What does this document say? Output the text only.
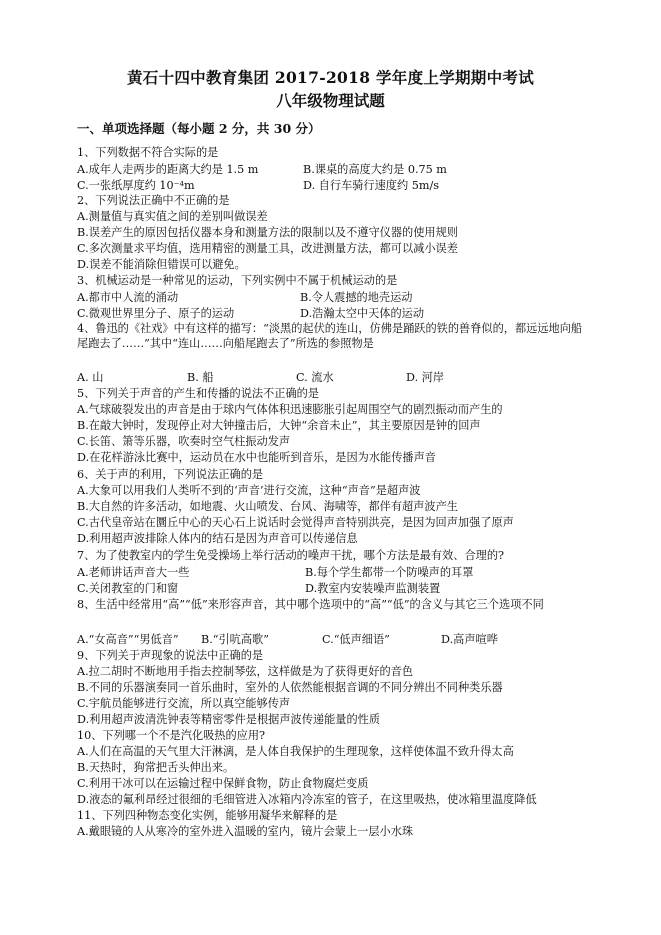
黄石十四中教育集团 2017-2018 学年度上学期期中考试
八年级物理试题
一、单项选择题（每小题 2 分，共 30 分）
1、下列数据不符合实际的是
A.成年人走两步的距离大约是 1.5 m	B.课桌的高度大约是 0.75 m
C.一张纸厚度约 10⁻⁴m	D. 自行车骑行速度约 5m/s
2、下列说法正确中不正确的是
A.测量值与真实值之间的差别叫做误差
B.误差产生的原因包括仪器本身和测量方法的限制以及不遵守仪器的使用规则
C.多次测量求平均值，选用精密的测量工具，改进测量方法，都可以减小误差
D.误差不能消除但错误可以避免。
3、机械运动是一种常见的运动，下列实例中不属于机械运动的是
A.都市中人流的涌动	B.令人震撼的地壳运动
C.微观世界里分子、原子的运动	D.浩瀚太空中天体的运动
4、鲁迅的《社戏》中有这样的描写：“淡黑的起伏的连山，仿佛是踊跃的铁的兽脊似的，都远远地向船尾跑去了……”其中“连山……向船尾跑去了”所选的参照物是
A. 山	B. 船	C. 流水	D. 河岸
5、下列关于声音的产生和传播的说法不正确的是
A.气球破裂发出的声音是由于球内气体体积迅速膨胀引起周围空气的剧烈振动而产生的
B.在敲大钟时，发现停止对大钟撞击后，大钟“余音未止”，其主要原因是钟的回声
C.长笛、箫等乐器，吹奏时空气柱振动发声
D.在花样游泳比赛中，运动员在水中也能听到音乐，是因为水能传播声音
6、关于声的利用，下列说法正确的是
A.大象可以用我们人类听不到的‘声音’进行交流，这种“声音”是超声波
B.大自然的许多活动，如地震、火山喷发、台风、海啸等，都伴有超声波产生
C.古代皇帝站在圜丘中心的天心石上说话时会觉得声音特别洪亮，是因为回声加强了原声
D.利用超声波排除人体内的结石是因为声音可以传递信息
7、为了使教室内的学生免受操场上举行活动的噪声干扰，哪个方法是最有效、合理的?
A.老师讲话声音大一些	B.每个学生都带一个防噪声的耳罩
C.关闭教室的门和窗	D.教室内安装噪声监测装置
8、生活中经常用“高”“低”来形容声音，其中哪个选项中的“高”“低”的含义与其它三个选项不同
A.“女高音”“男低音” B.“引吭高歌”	C.“低声细语”	D.高声喧哗
9、下列关于声现象的说法中正确的是
A.拉二胡时不断地用手指去控制琴弦，这样做是为了获得更好的音色
B.不同的乐器演奏同一首乐曲时，室外的人依然能根据音调的不同分辨出不同种类乐器
C.宇航员能够进行交流，所以真空能够传声
D.利用超声波清洗钟表等精密零件是根据声波传递能量的性质
10、下列哪一个不是汽化吸热的应用?
A.人们在高温的天气里大汗淋漓，是人体自我保护的生理现象，这样使体温不致升得太高
B.天热时，狗常把舌头伸出来。
C.利用干冰可以在运输过程中保鲜食物，防止食物腐烂变质
D.液态的氟利昂经过很细的毛细管进入冰箱内冷冻室的管子，在这里吸热，使冰箱里温度降低
11、下列四种物态变化实例，能够用凝华来解释的是
A.戴眼镜的人从寒冷的室外进入温暖的室内，镜片会蒙上一层小水珠
